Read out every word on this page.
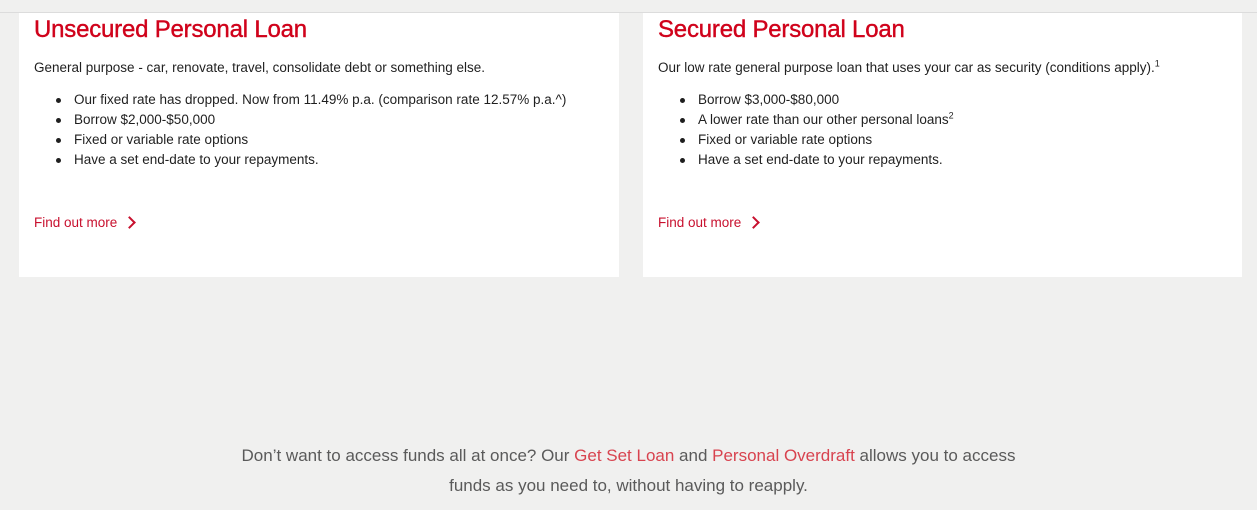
Unsecured Personal Loan

General purpose - car, renovate, travel, consolidate debt or something else.

Our fixed rate has dropped. Now from 11.49% p.a. (comparison rate 12.57% p.a.^)
Borrow $2,000-$50,000
Fixed or variable rate options
Have a set end-date to your repayments.
Find out more
Secured Personal Loan

Our low rate general purpose loan that uses your car as security (conditions apply).$^1$

Borrow $3,000-$80,000
A lower rate than our other personal loans$^2$
Fixed or variable rate options
Have a set end-date to your repayments.
Find out more
Don’t want to access funds all at once? Our Get Set Loan and Personal Overdraft allows you to access
funds as you need to, without having to reapply.
